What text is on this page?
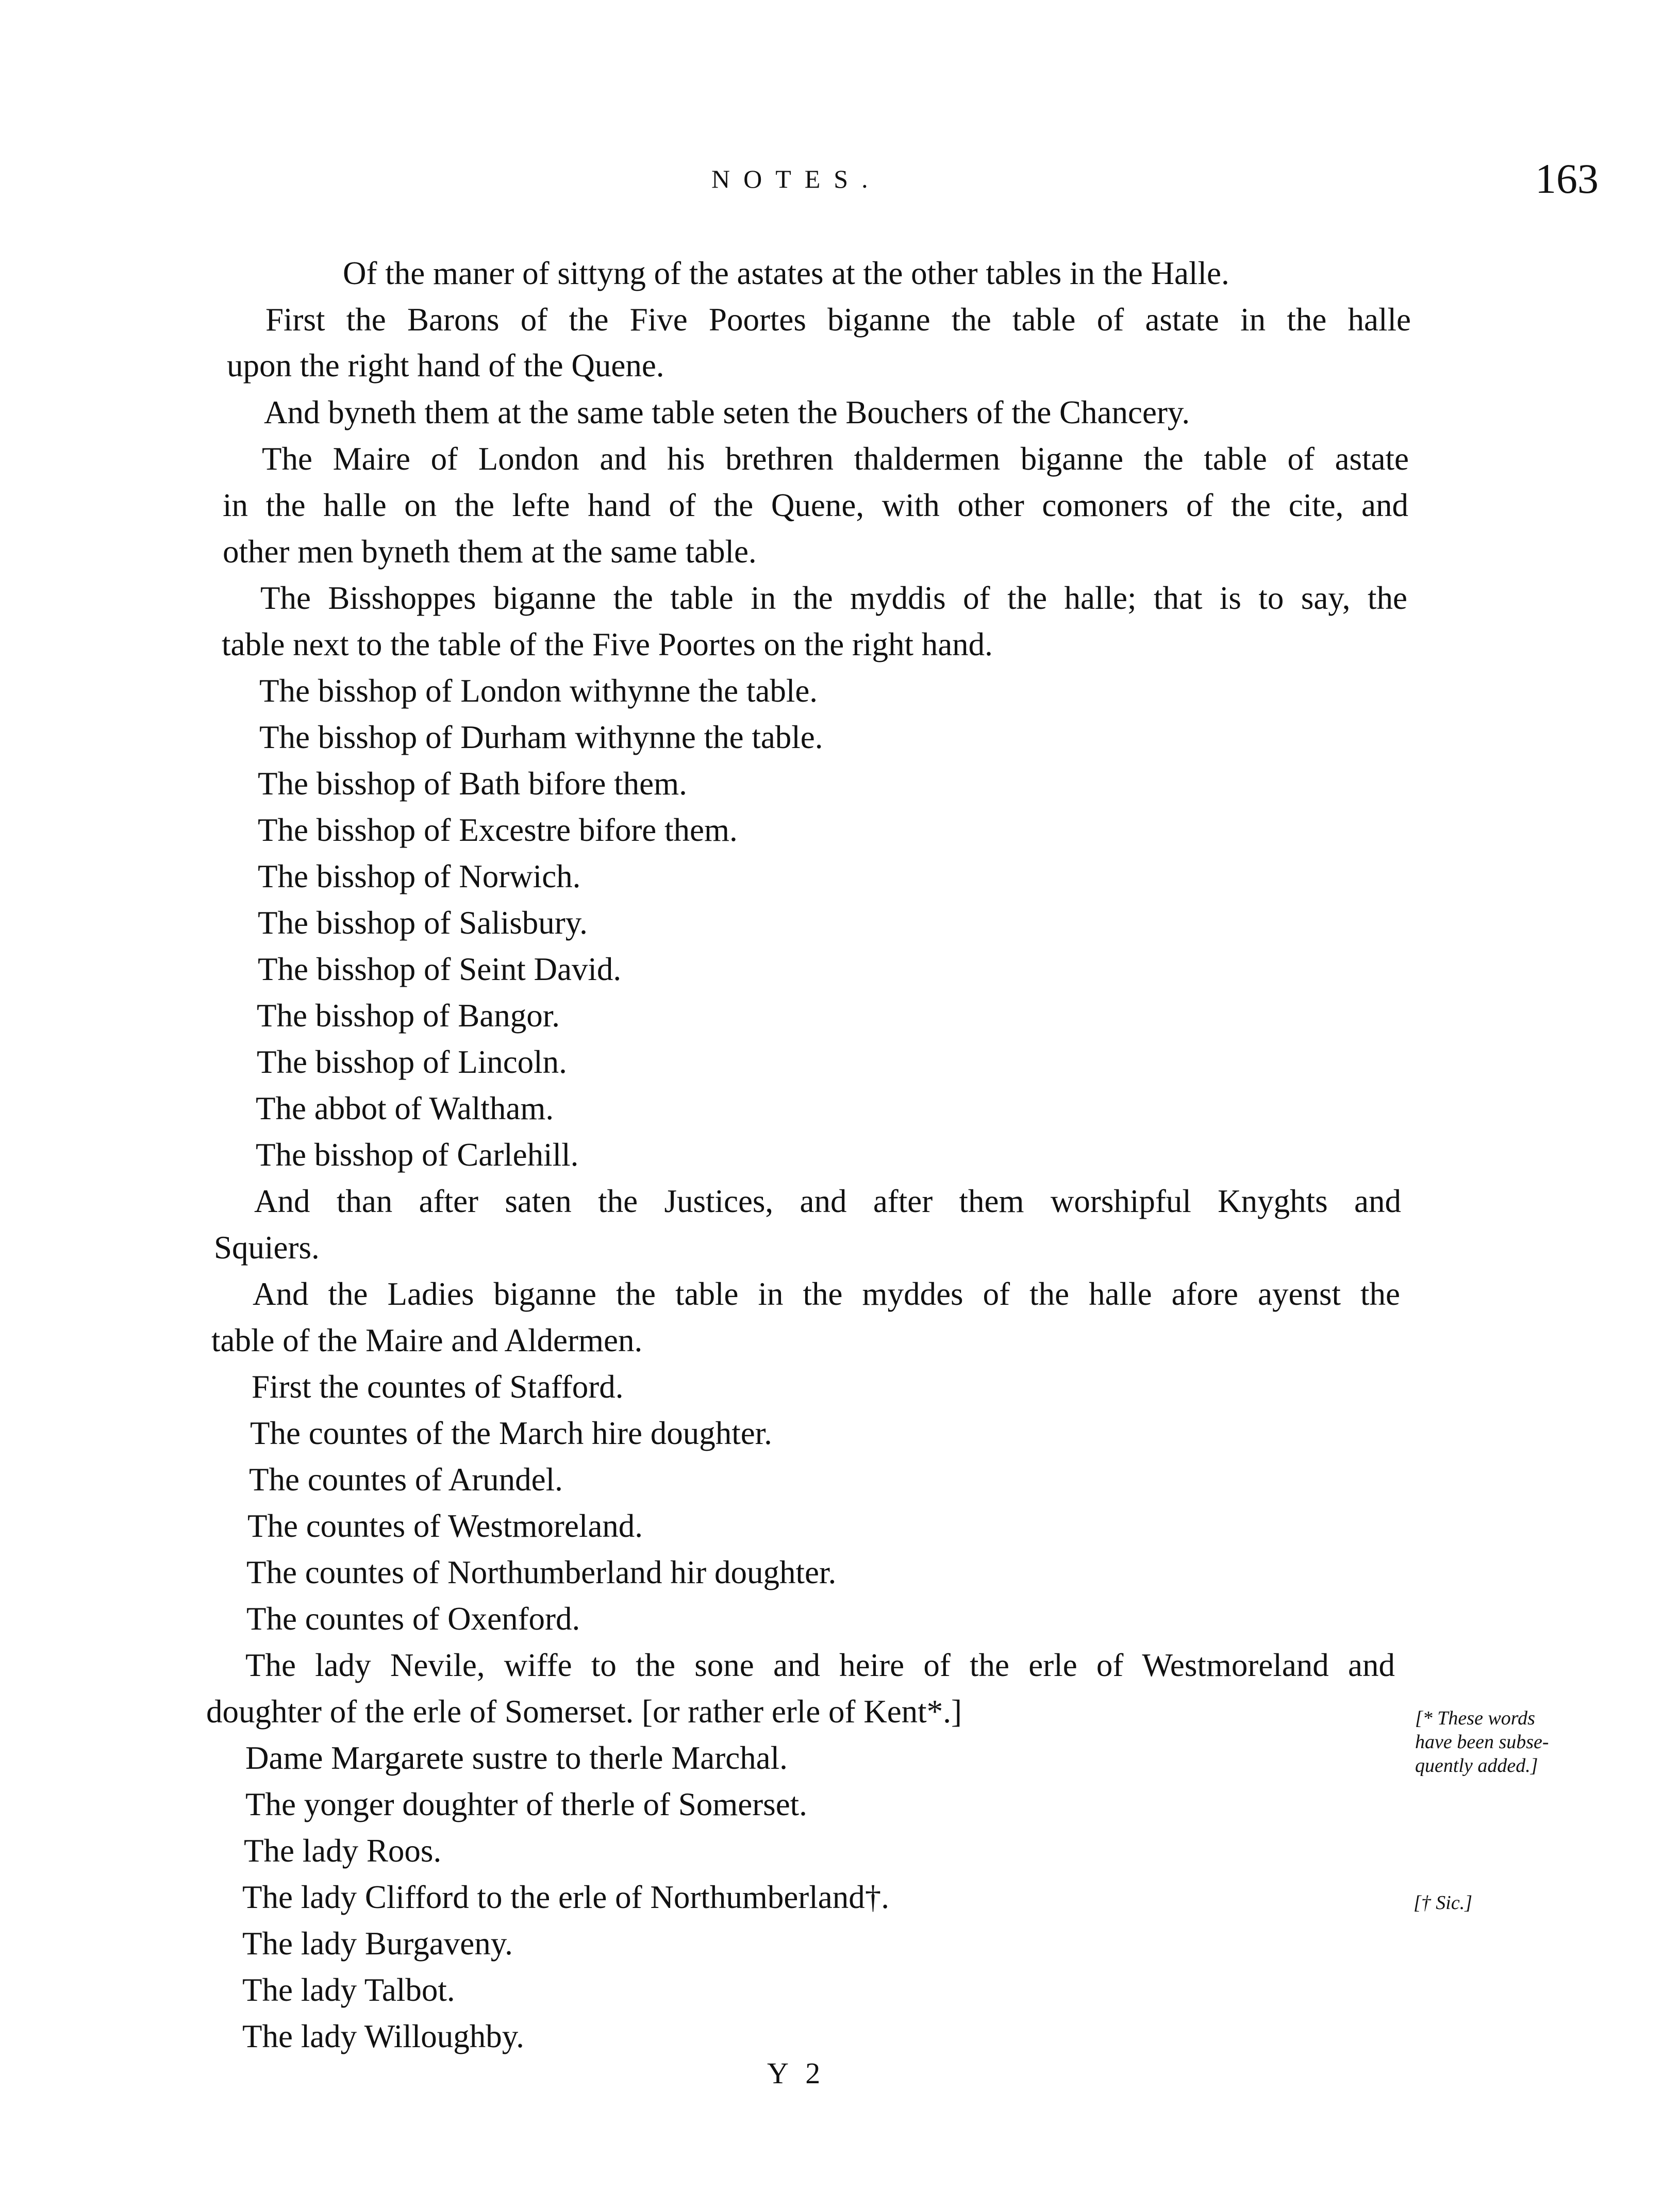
NOTES.	163
Of the maner of sittyng of the astates at the other tables in the Halle.
First the Barons of the Five Poortes biganne the table of astate in the halle
upon the right hand of the Quene.
And byneth them at the same table seten the Bouchers of the Chancery.
The Maire of London and his brethren thaldermen biganne the table of astate
in the halle on the lefte hand of the Quene, with other comoners of the cite, and
other men byneth them at the same table.
The Bisshoppes biganne the table in the myddis of the halle; that is to say, the
table next to the table of the Five Poortes on the right hand.
The bisshop of London withynne the table.
The bisshop of Durham withynne the table.
The bisshop of Bath bifore them.
The bisshop of Excestre bifore them.
The bisshop of Norwich.
The bisshop of Salisbury.
The bisshop of Seint David.
The bisshop of Bangor.
The bisshop of Lincoln.
The abbot of Waltham.
The bisshop of Carlehill.
And than after saten the Justices, and after them worshipful Knyghts and
Squiers.
And the Ladies biganne the table in the myddes of the halle afore ayenst the
table of the Maire and Aldermen.
First the countes of Stafford.
The countes of the March hire doughter.
The countes of Arundel.
The countes of Westmoreland.
The countes of Northumberland hir doughter.
The countes of Oxenford.
The lady Nevile, wiffe to the sone and heire of the erle of Westmoreland and
doughter of the erle of Somerset. [or rather erle of Kent*.]
Dame Margarete sustre to therle Marchal.
The yonger doughter of therle of Somerset.
The lady Roos.
The lady Clifford to the erle of Northumberland†.
The lady Burgaveny.
The lady Talbot.
The lady Willoughby.
[* These words
have been subse-
quently added.]
[† Sic.]
Y 2
